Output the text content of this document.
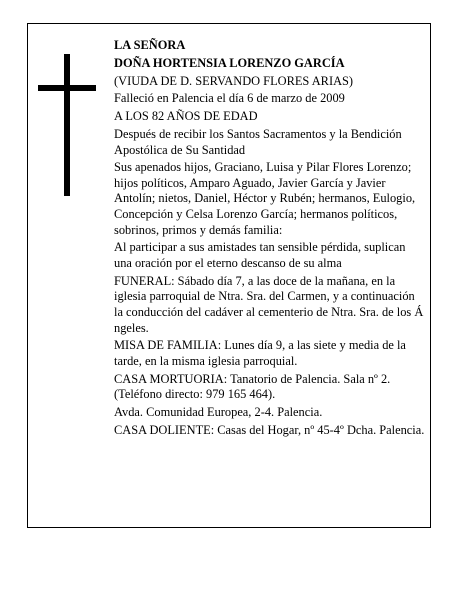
LA SEÑORA

DOÑA HORTENSIA LORENZO GARCÍA

(VIUDA DE D. SERVANDO FLORES ARIAS)

Falleció en Palencia el día 6 de marzo de 2009

A LOS 82 AÑOS DE EDAD

Después de recibir los Santos Sacramentos y la Bendición Apostólica de Su Santidad

Sus apenados hijos, Graciano, Luisa y Pilar Flores Lorenzo; hijos políticos, Amparo Aguado, Javier García y Javier Antolín; nietos, Daniel, Héctor y Rubén; hermanos, Eulogio, Concepción y Celsa Lorenzo García; hermanos políticos, sobrinos, primos y demás familia:

Al participar a sus amistades tan sensible pérdida, suplican una oración por el eterno descanso de su alma

FUNERAL: Sábado día 7, a las doce de la mañana, en la iglesia parroquial de Ntra. Sra. del Carmen, y a continuación la conducción del cadáver al cementerio de Ntra. Sra. de los Á ngeles.

MISA DE FAMILIA: Lunes día 9, a las siete y media de la tarde, en la misma iglesia parroquial.

CASA MORTUORIA: Tanatorio de Palencia. Sala nº 2. (Teléfono directo: 979 165 464).

Avda. Comunidad Europea, 2-4. Palencia.

CASA DOLIENTE: Casas del Hogar, nº 45-4º Dcha. Palencia.
